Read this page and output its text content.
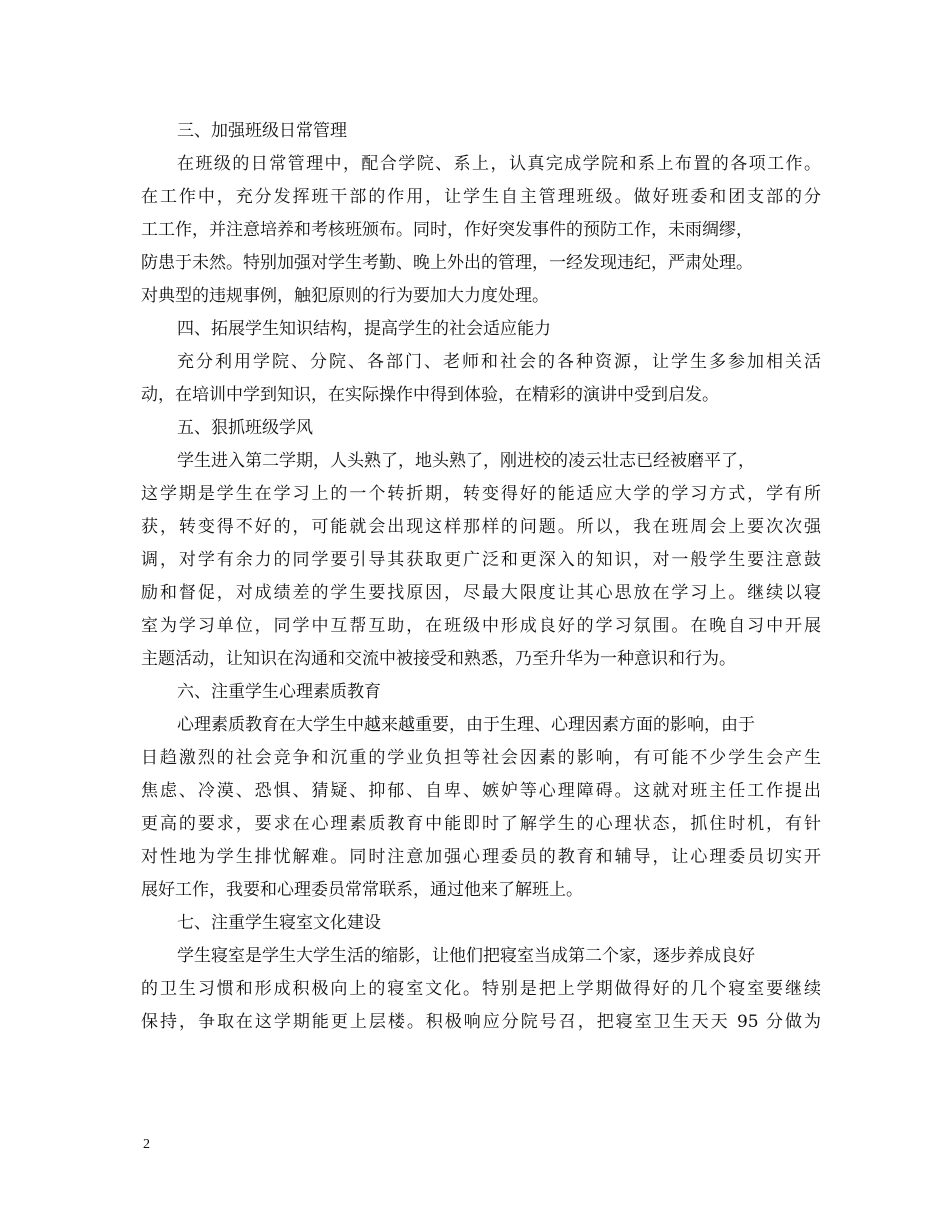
三、加强班级日常管理
在班级的日常管理中，配合学院、系上，认真完成学院和系上布置的各项工作。
在工作中，充分发挥班干部的作用，让学生自主管理班级。做好班委和团支部的分
工工作，并注意培养和考核班颁布。同时，作好突发事件的预防工作，未雨绸缪，
防患于未然。特别加强对学生考勤、晚上外出的管理，一经发现违纪，严肃处理。
对典型的违规事例，触犯原则的行为要加大力度处理。
四、拓展学生知识结构，提高学生的社会适应能力
充分利用学院、分院、各部门、老师和社会的各种资源，让学生多参加相关活
动，在培训中学到知识，在实际操作中得到体验，在精彩的演讲中受到启发。
五、狠抓班级学风
学生进入第二学期，人头熟了，地头熟了，刚进校的凌云壮志已经被磨平了，
这学期是学生在学习上的一个转折期，转变得好的能适应大学的学习方式，学有所
获，转变得不好的，可能就会出现这样那样的问题。所以，我在班周会上要次次强
调，对学有余力的同学要引导其获取更广泛和更深入的知识，对一般学生要注意鼓
励和督促，对成绩差的学生要找原因，尽最大限度让其心思放在学习上。继续以寝
室为学习单位，同学中互帮互助，在班级中形成良好的学习氛围。在晚自习中开展
主题活动，让知识在沟通和交流中被接受和熟悉，乃至升华为一种意识和行为。
六、注重学生心理素质教育
心理素质教育在大学生中越来越重要，由于生理、心理因素方面的影响，由于
日趋激烈的社会竞争和沉重的学业负担等社会因素的影响，有可能不少学生会产生
焦虑、冷漠、恐惧、猜疑、抑郁、自卑、嫉妒等心理障碍。这就对班主任工作提出
更高的要求，要求在心理素质教育中能即时了解学生的心理状态，抓住时机，有针
对性地为学生排忧解难。同时注意加强心理委员的教育和辅导，让心理委员切实开
展好工作，我要和心理委员常常联系，通过他来了解班上。
七、注重学生寝室文化建设
学生寝室是学生大学生活的缩影，让他们把寝室当成第二个家，逐步养成良好
的卫生习惯和形成积极向上的寝室文化。特别是把上学期做得好的几个寝室要继续
保持，争取在这学期能更上层楼。积极响应分院号召，把寝室卫生天天 95 分做为
2
